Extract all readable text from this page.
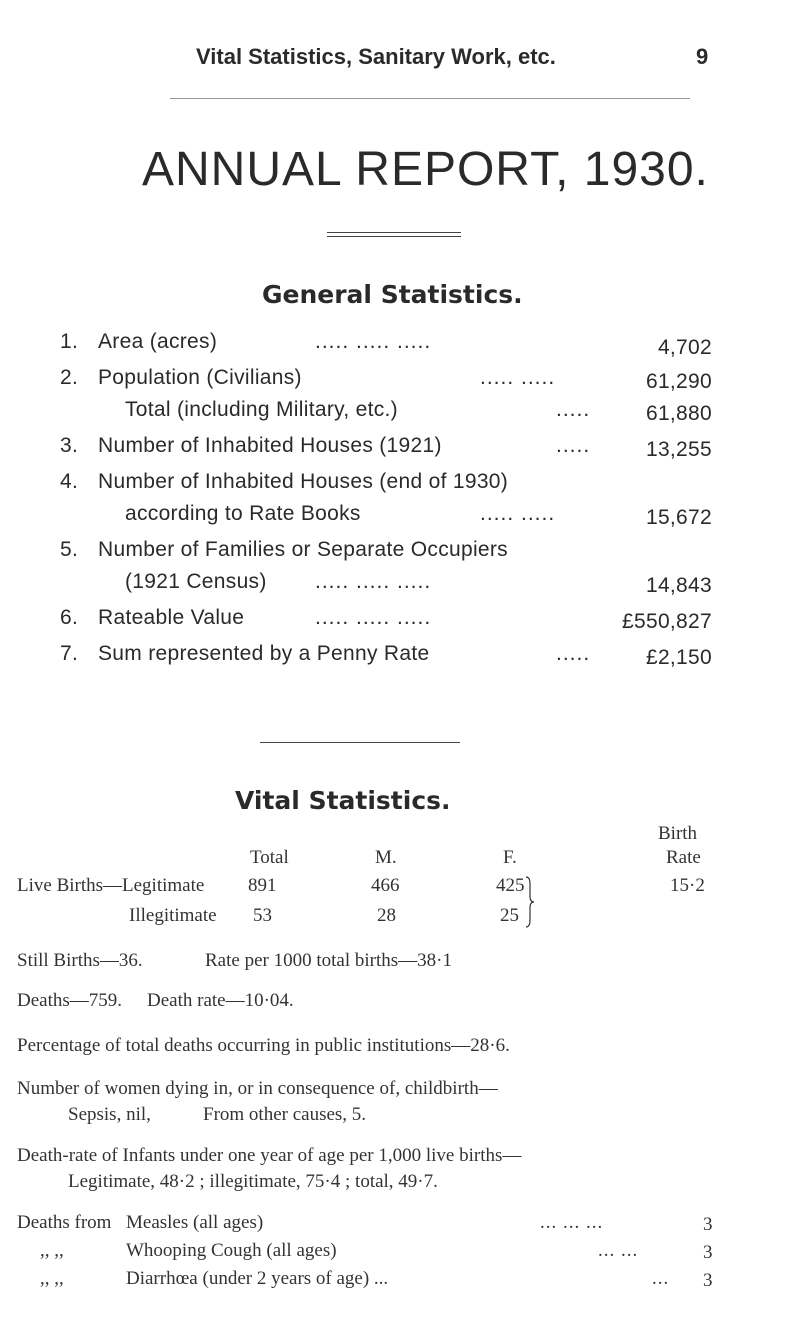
Vital Statistics, Sanitary Work, etc.	9
ANNUAL REPORT, 1930.
General Statistics.
1. Area (acres)	..... ..... .....	4,702
2. Population (Civilians)	..... .....	61,290
Total (including Military, etc.)	.....	61,880
3. Number of Inhabited Houses (1921)	.....	13,255
4. Number of Inhabited Houses (end of 1930)
according to Rate Books	..... .....	15,672
5. Number of Families or Separate Occupiers
(1921 Census) ..... ..... .....	14,843
6. Rateable Value	..... ..... .....	£550,827
7. Sum represented by a Penny Rate	.....	£2,150
Vital Statistics.
Birth
Total	M.	F.	Rate
Live Births—Legitimate 891	466	425	15·2
Illegitimate 53	28	25
Still Births—36.	Rate per 1000 total births—38·1
Deaths—759. Death rate—10·04.
Percentage of total deaths occurring in public institutions—28·6.
Number of women dying in, or in consequence of, childbirth—
Sepsis, nil,	From other causes, 5.
Death-rate of Infants under one year of age per 1,000 live births—
Legitimate, 48·2 ; illegitimate, 75·4 ; total, 49·7.
Deaths from Measles (all ages)	... ... ...	3
,, ,,	Whooping Cough (all ages)	... ...	3
,, ,,	Diarrhœa (under 2 years of age) ...	... 3
